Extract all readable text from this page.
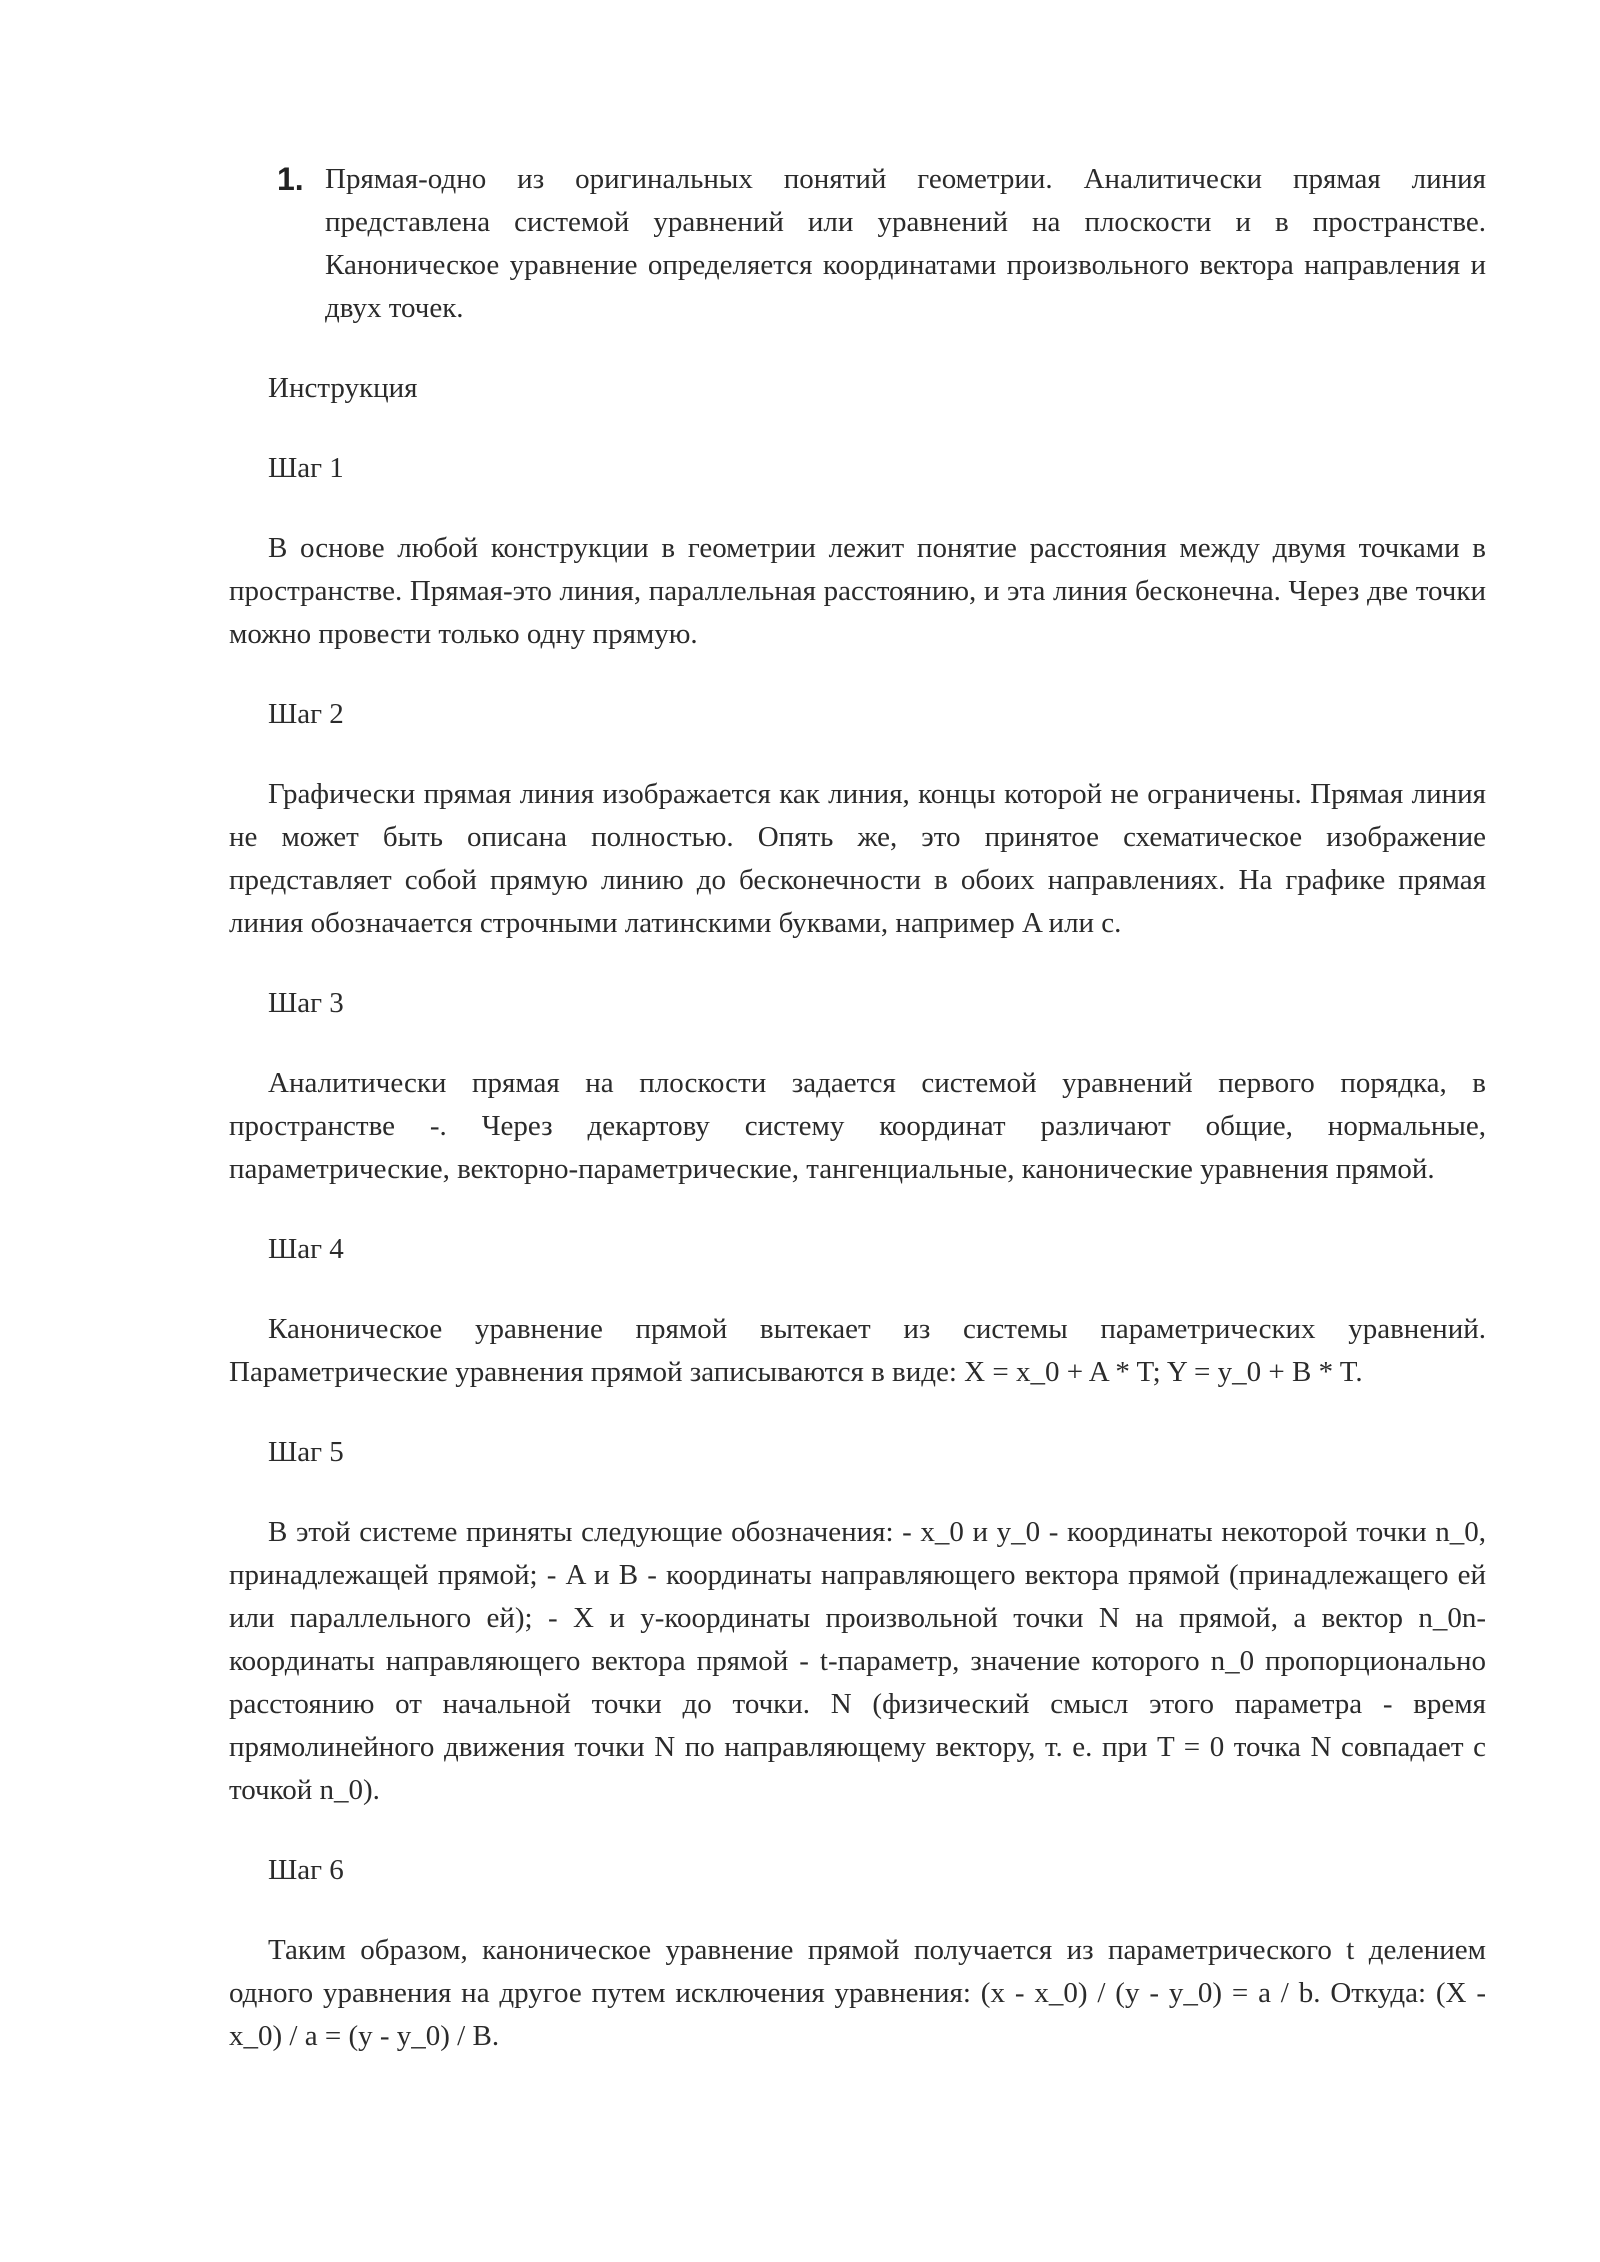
1. Прямая-одно из оригинальных понятий геометрии. Аналитически прямая линия представлена системой уравнений или уравнений на плоскости и в пространстве. Каноническое уравнение определяется координатами произвольного вектора направления и двух точек.

Инструкция

Шаг 1

В основе любой конструкции в геометрии лежит понятие расстояния между двумя точками в пространстве. Прямая-это линия, параллельная расстоянию, и эта линия бесконечна. Через две точки можно провести только одну прямую.

Шаг 2

Графически прямая линия изображается как линия, концы которой не ограничены. Прямая линия не может быть описана полностью. Опять же, это принятое схематическое изображение представляет собой прямую линию до бесконечности в обоих направлениях. На графике прямая линия обозначается строчными латинскими буквами, например A или c.

Шаг 3

Аналитически прямая на плоскости задается системой уравнений первого порядка, в пространстве -. Через декартову систему координат различают общие, нормальные, параметрические, векторно-параметрические, тангенциальные, канонические уравнения прямой.

Шаг 4

Каноническое уравнение прямой вытекает из системы параметрических уравнений. Параметрические уравнения прямой записываются в виде: X = x_0 + A * T; Y = y_0 + B * T.

Шаг 5

В этой системе приняты следующие обозначения: - x_0 и y_0 - координаты некоторой точки n_0, принадлежащей прямой; - A и B - координаты направляющего вектора прямой (принадлежащего ей или параллельного ей); - X и y-координаты произвольной точки N на прямой, а вектор n_0n-координаты направляющего вектора прямой - t-параметр, значение которого n_0 пропорционально расстоянию от начальной точки до точки. N (физический смысл этого параметра - время прямолинейного движения точки N по направляющему вектору, т. е. при T = 0 точка N совпадает с точкой n_0).

Шаг 6

Таким образом, каноническое уравнение прямой получается из параметрического t делением одного уравнения на другое путем исключения уравнения: (x - x_0) / (y - y_0) = a / b. Откуда: (X - x_0) / a = (y - y_0) / B.
